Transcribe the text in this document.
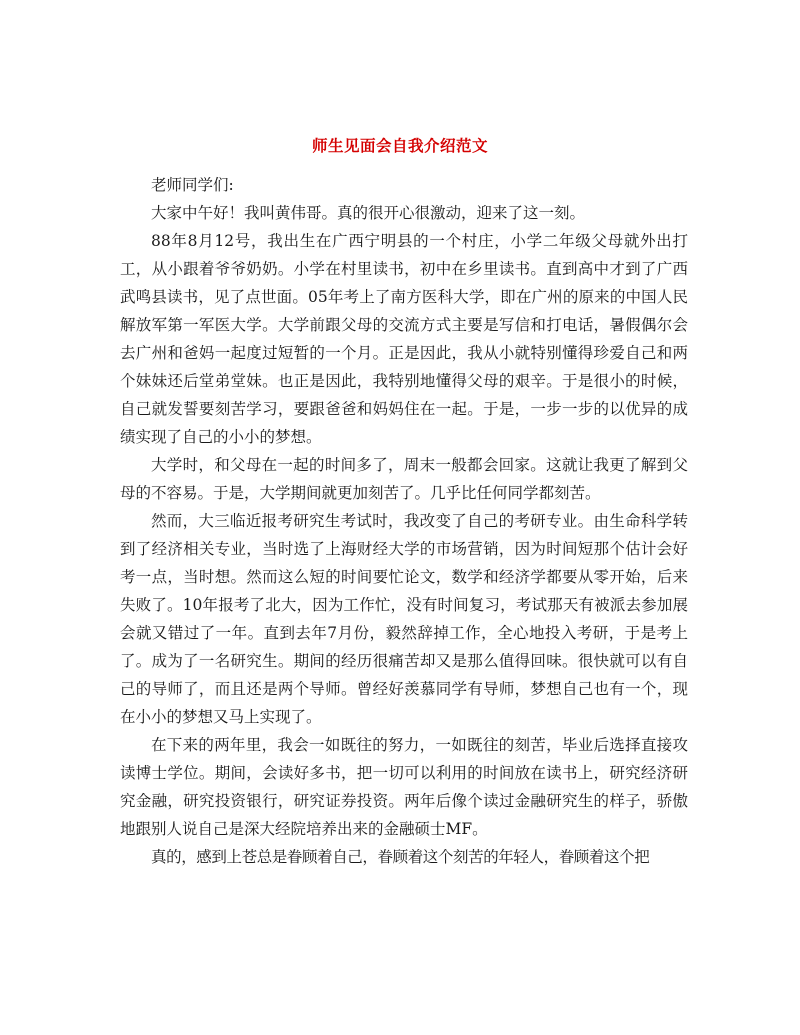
师生见面会自我介绍范文

老师同学们:

大家中午好！我叫黄伟哥。真的很开心很激动，迎来了这一刻。

88年8月12号，我出生在广西宁明县的一个村庄，小学二年级父母就外出打工，从小跟着爷爷奶奶。小学在村里读书，初中在乡里读书。直到高中才到了广西武鸣县读书，见了点世面。05年考上了南方医科大学，即在广州的原来的中国人民解放军第一军医大学。大学前跟父母的交流方式主要是写信和打电话，暑假偶尔会去广州和爸妈一起度过短暂的一个月。正是因此，我从小就特别懂得珍爱自己和两个妹妹还后堂弟堂妹。也正是因此，我特别地懂得父母的艰辛。于是很小的时候，自己就发誓要刻苦学习，要跟爸爸和妈妈住在一起。于是，一步一步的以优异的成绩实现了自己的小小的梦想。

大学时，和父母在一起的时间多了，周末一般都会回家。这就让我更了解到父母的不容易。于是，大学期间就更加刻苦了。几乎比任何同学都刻苦。

然而，大三临近报考研究生考试时，我改变了自己的考研专业。由生命科学转到了经济相关专业，当时选了上海财经大学的市场营销，因为时间短那个估计会好考一点，当时想。然而这么短的时间要忙论文，数学和经济学都要从零开始，后来失败了。10年报考了北大，因为工作忙，没有时间复习，考试那天有被派去参加展会就又错过了一年。直到去年7月份，毅然辞掉工作，全心地投入考研，于是考上了。成为了一名研究生。期间的经历很痛苦却又是那么值得回味。很快就可以有自己的导师了，而且还是两个导师。曾经好羡慕同学有导师，梦想自己也有一个，现在小小的梦想又马上实现了。

在下来的两年里，我会一如既往的努力，一如既往的刻苦，毕业后选择直接攻读博士学位。期间，会读好多书，把一切可以利用的时间放在读书上，研究经济研究金融，研究投资银行，研究证券投资。两年后像个读过金融研究生的样子，骄傲地跟别人说自己是深大经院培养出来的金融硕士MF。

真的，感到上苍总是眷顾着自己，眷顾着这个刻苦的年轻人，眷顾着这个把
